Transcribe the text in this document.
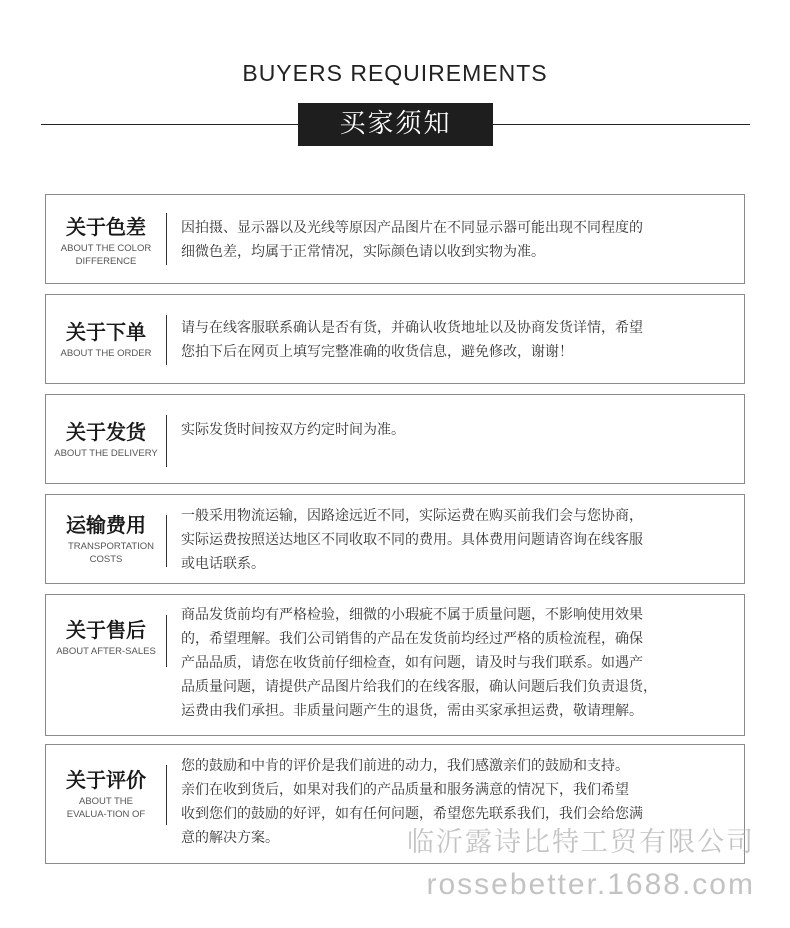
BUYERS REQUIREMENTS
买家须知
关于色差
ABOUT THE COLOR DIFFERENCE
因拍摄、显示器以及光线等原因产品图片在不同显示器可能出现不同程度的
细微色差，均属于正常情况，实际颜色请以收到实物为准。
关于下单
ABOUT THE ORDER
请与在线客服联系确认是否有货，并确认收货地址以及协商发货详情，希望
您拍下后在网页上填写完整准确的收货信息，避免修改，谢谢！
关于发货
ABOUT THE DELIVERY
实际发货时间按双方约定时间为准。
运输费用
TRANSPORTATION COSTS
一般采用物流运输，因路途远近不同，实际运费在购买前我们会与您协商，
实际运费按照送达地区不同收取不同的费用。具体费用问题请咨询在线客服
或电话联系。
关于售后
ABOUT AFTER-SALES
商品发货前均有严格检验，细微的小瑕疵不属于质量问题，不影响使用效果
的，希望理解。我们公司销售的产品在发货前均经过严格的质检流程，确保
产品品质，请您在收货前仔细检查，如有问题，请及时与我们联系。如遇产
品质量问题，请提供产品图片给我们的在线客服，确认问题后我们负责退货，
运费由我们承担。非质量问题产生的退货，需由买家承担运费，敬请理解。
关于评价
ABOUT THE EVALUA-TION OF
您的鼓励和中肯的评价是我们前进的动力，我们感激亲们的鼓励和支持。
亲们在收到货后，如果对我们的产品质量和服务满意的情况下，我们希望
收到您们的鼓励的好评，如有任何问题，希望您先联系我们，我们会给您满
意的解决方案。	临沂露诗比特工贸有限公司
rossebetter.1688.com
